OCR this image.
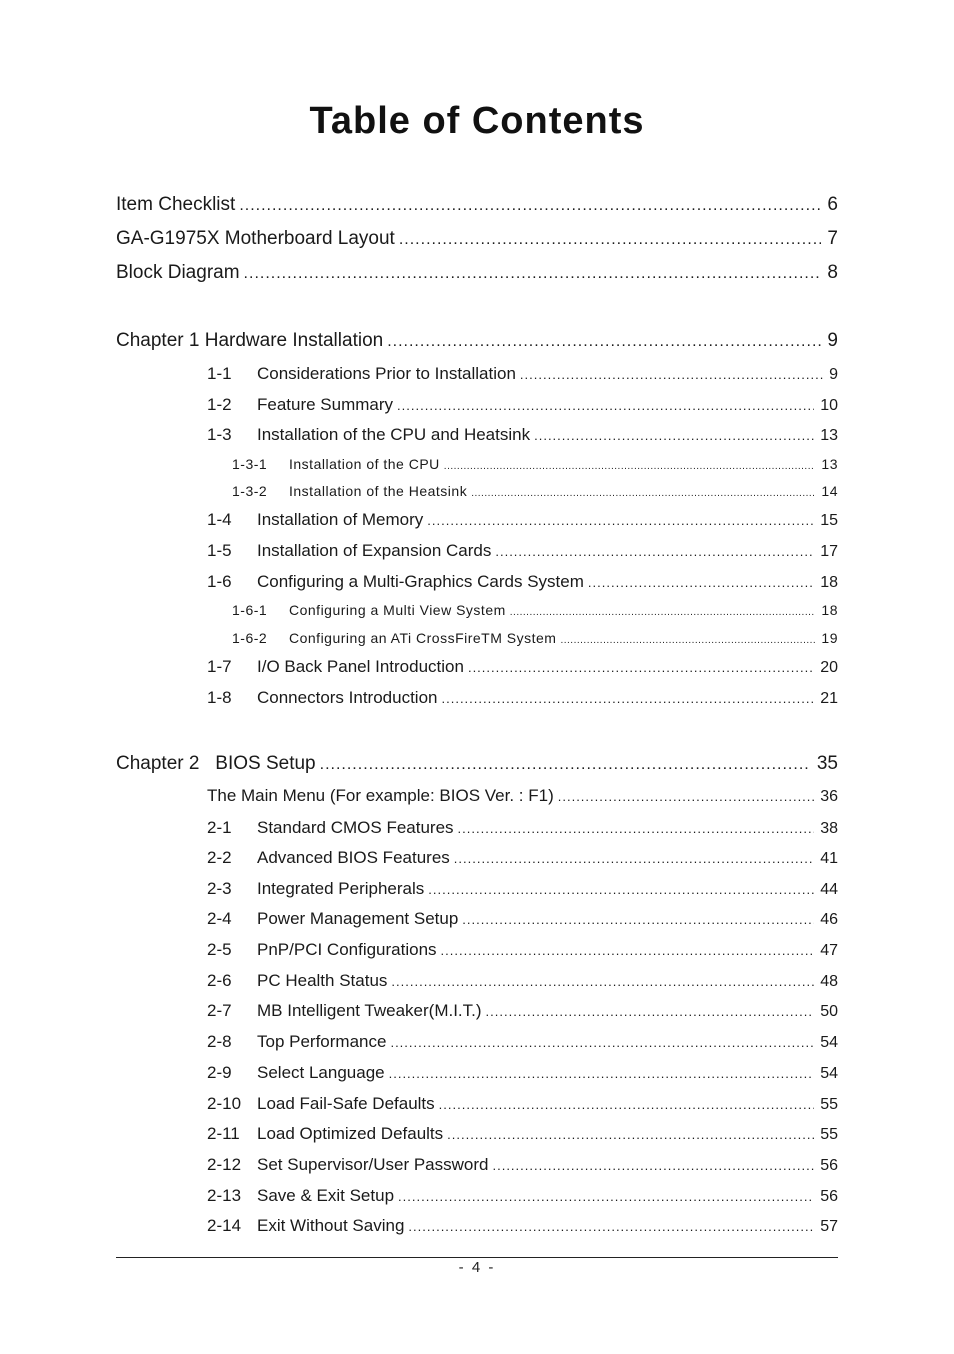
Table of Contents
Item Checklist .....	6
GA-G1975X Motherboard Layout .....	7
Block Diagram .....	8
Chapter 1 Hardware Installation .....	9
1-1	Considerations Prior to Installation .....	9
1-2	Feature Summary .....	10
1-3	Installation of the CPU and Heatsink .....	13
1-3-1	Installation of the CPU .....	13
1-3-2	Installation of the Heatsink .....	14
1-4	Installation of Memory .....	15
1-5	Installation of Expansion Cards .....	17
1-6	Configuring a Multi-Graphics Cards System .....	18
1-6-1	Configuring a Multi View System .....	18
1-6-2	Configuring an ATi CrossFireTM System .....	19
1-7	I/O Back Panel Introduction .....	20
1-8	Connectors Introduction .....	21
Chapter 2   BIOS Setup .....	35
The Main Menu (For example: BIOS Ver. : F1) .....	36
2-1	Standard CMOS Features .....	38
2-2	Advanced BIOS Features .....	41
2-3	Integrated Peripherals .....	44
2-4	Power Management Setup .....	46
2-5	PnP/PCI Configurations .....	47
2-6	PC Health Status .....	48
2-7	MB Intelligent Tweaker(M.I.T.) .....	50
2-8	Top Performance .....	54
2-9	Select Language .....	54
2-10 Load Fail-Safe Defaults .....	55
2-11	Load Optimized Defaults .....	55
2-12 Set Supervisor/User Password .....	56
2-13 Save & Exit Setup .....	56
2-14 Exit Without Saving .....	57
- 4 -
